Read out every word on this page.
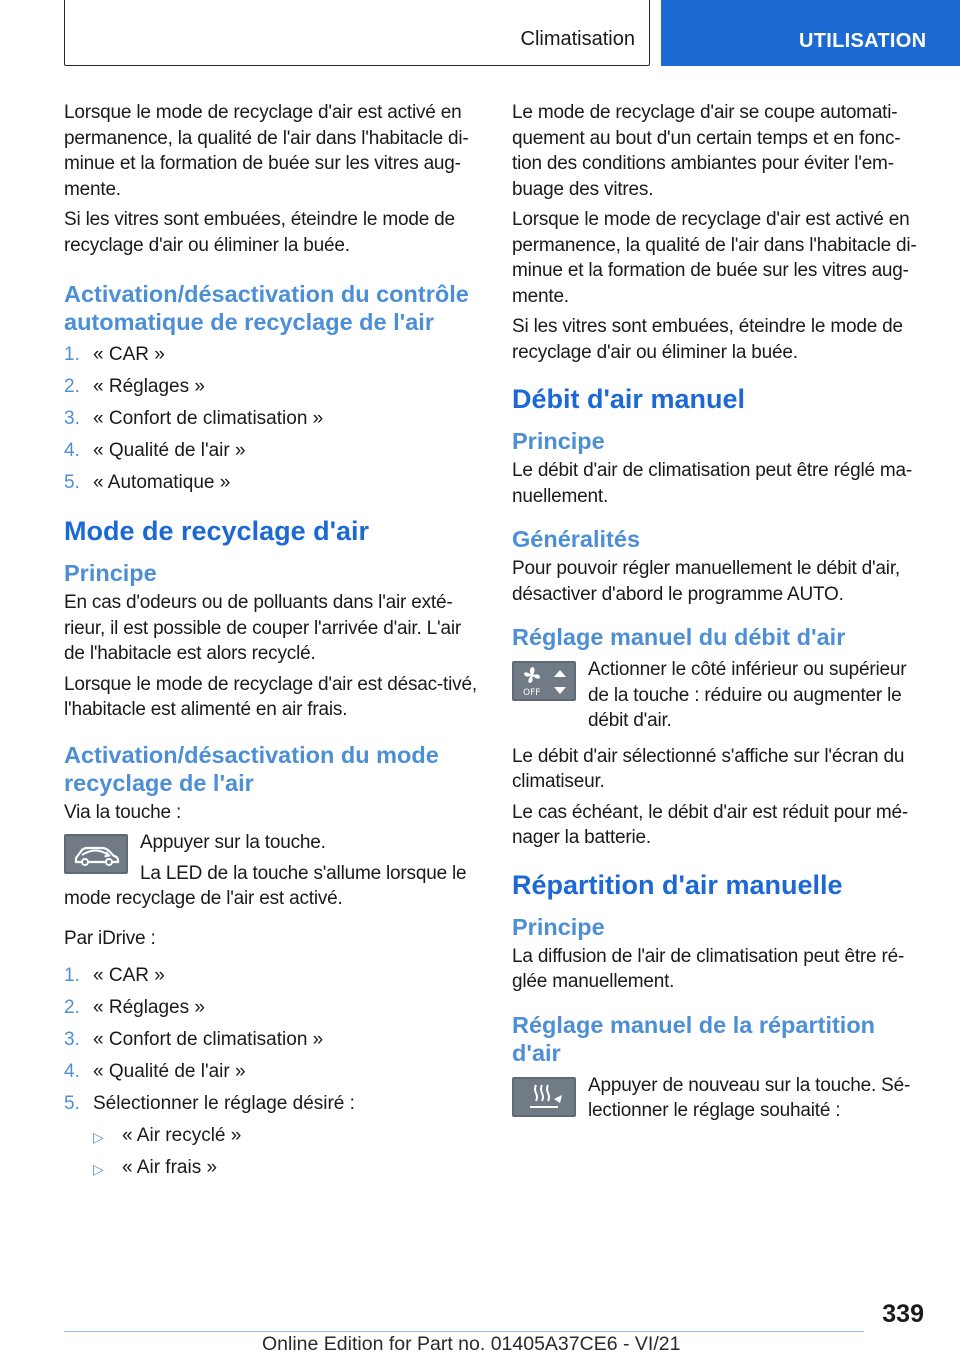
Climatisation	UTILISATION

Lorsque le mode de recyclage d'air est activé en permanence, la qualité de l'air dans l'habitacle di-minue et la formation de buée sur les vitres aug-mente.

Si les vitres sont embuées, éteindre le mode de recyclage d'air ou éliminer la buée.

Activation/désactivation du contrôle automatique de recyclage de l'air
1. « CAR »
2. « Réglages »
3. « Confort de climatisation »
4. « Qualité de l'air »
5. « Automatique »
Mode de recyclage d'air
Principe

En cas d'odeurs ou de polluants dans l'air exté-rieur, il est possible de couper l'arrivée d'air. L'air de l'habitacle est alors recyclé.

Lorsque le mode de recyclage d'air est désac-tivé, l'habitacle est alimenté en air frais.

Activation/désactivation du mode recyclage de l'air

Via la touche :

Appuyer sur la touche.

La LED de la touche s'allume lorsque le mode recyclage de l'air est activé.

Par iDrive :

1. « CAR »
2. « Réglages »
3. « Confort de climatisation »
4. « Qualité de l'air »
5. Sélectionner le réglage désiré :
▷ « Air recyclé »
▷ « Air frais »

Le mode de recyclage d'air se coupe automati-quement au bout d'un certain temps et en fonc-tion des conditions ambiantes pour éviter l'em-buage des vitres.

Lorsque le mode de recyclage d'air est activé en permanence, la qualité de l'air dans l'habitacle di-minue et la formation de buée sur les vitres aug-mente.

Si les vitres sont embuées, éteindre le mode de recyclage d'air ou éliminer la buée.

Débit d'air manuel
Principe

Le débit d'air de climatisation peut être réglé ma-nuellement.

Généralités

Pour pouvoir régler manuellement le débit d'air, désactiver d'abord le programme AUTO.

Réglage manuel du débit d'air
OFF

Actionner le côté inférieur ou supérieur de la touche : réduire ou augmenter le débit d'air.

Le débit d'air sélectionné s'affiche sur l'écran du climatiseur.

Le cas échéant, le débit d'air est réduit pour mé-nager la batterie.

Répartition d'air manuelle
Principe

La diffusion de l'air de climatisation peut être ré-glée manuellement.

Réglage manuel de la répartition d'air

Appuyer de nouveau sur la touche. Sé-lectionner le réglage souhaité :

339
Online Edition for Part no. 01405A37CE6 - VI/21
